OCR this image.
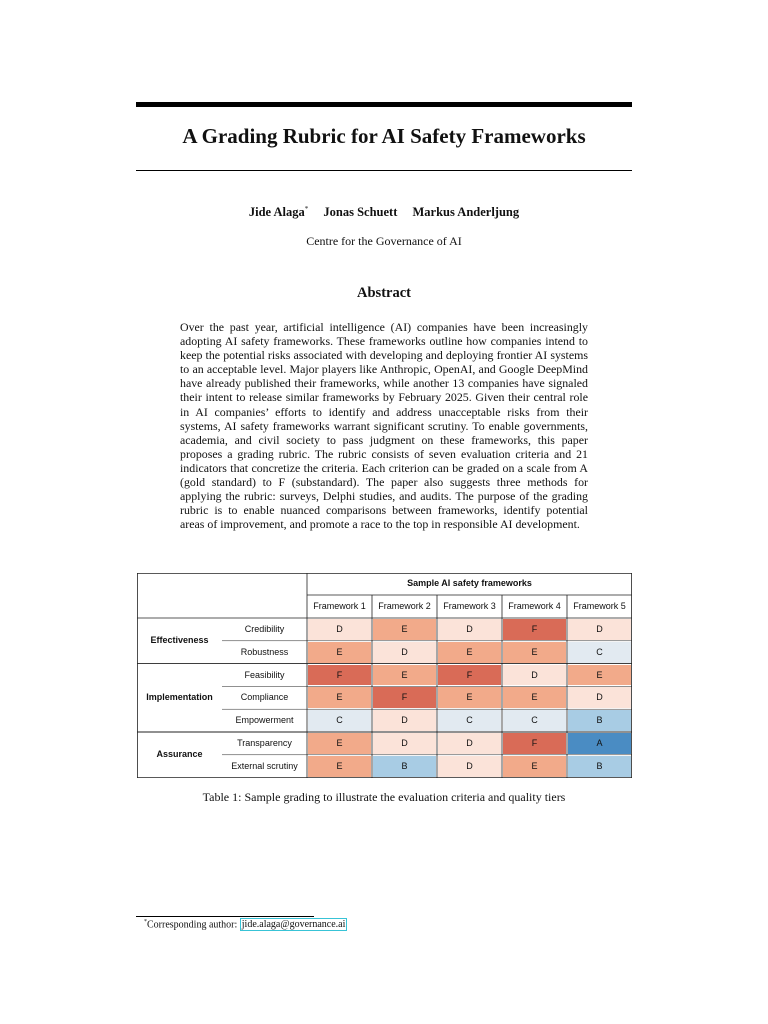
A Grading Rubric for AI Safety Frameworks
Jide Alaga* Jonas Schuett Markus Anderljung
Centre for the Governance of AI
Abstract
Over the past year, artificial intelligence (AI) companies have been increasingly adopting AI safety frameworks. These frameworks outline how companies intend to keep the potential risks associated with developing and deploying frontier AI systems to an acceptable level. Major players like Anthropic, OpenAI, and Google DeepMind have already published their frameworks, while another 13 companies have signaled their intent to release similar frameworks by February 2025. Given their central role in AI companies’ efforts to identify and address unacceptable risks from their systems, AI safety frameworks warrant significant scrutiny. To enable governments, academia, and civil society to pass judgment on these frameworks, this paper proposes a grading rubric. The rubric consists of seven evaluation criteria and 21 indicators that concretize the criteria. Each criterion can be graded on a scale from A (gold standard) to F (substandard). The paper also suggests three methods for applying the rubric: surveys, Delphi studies, and audits. The purpose of the grading rubric is to enable nuanced comparisons between frameworks, identify potential areas of improvement, and promote a race to the top in responsible AI development.
Sample AI safety frameworks
Framework 1	Framework 2	Framework 3	Framework 4	Framework 5
Credibility	D	E	D	F	D
Robustness	E	D	E	E	C
Effectiveness
Feasibility	F	E	F	D	E
Compliance	E	F	E	E	D
Empowerment	C	D	C	C	B
Implementation
Transparency	E	D	D	F	A
External scrutiny	E	B	D	E	B
Assurance
Table 1: Sample grading to illustrate the evaluation criteria and quality tiers
*Corresponding author: jide.alaga@governance.ai
